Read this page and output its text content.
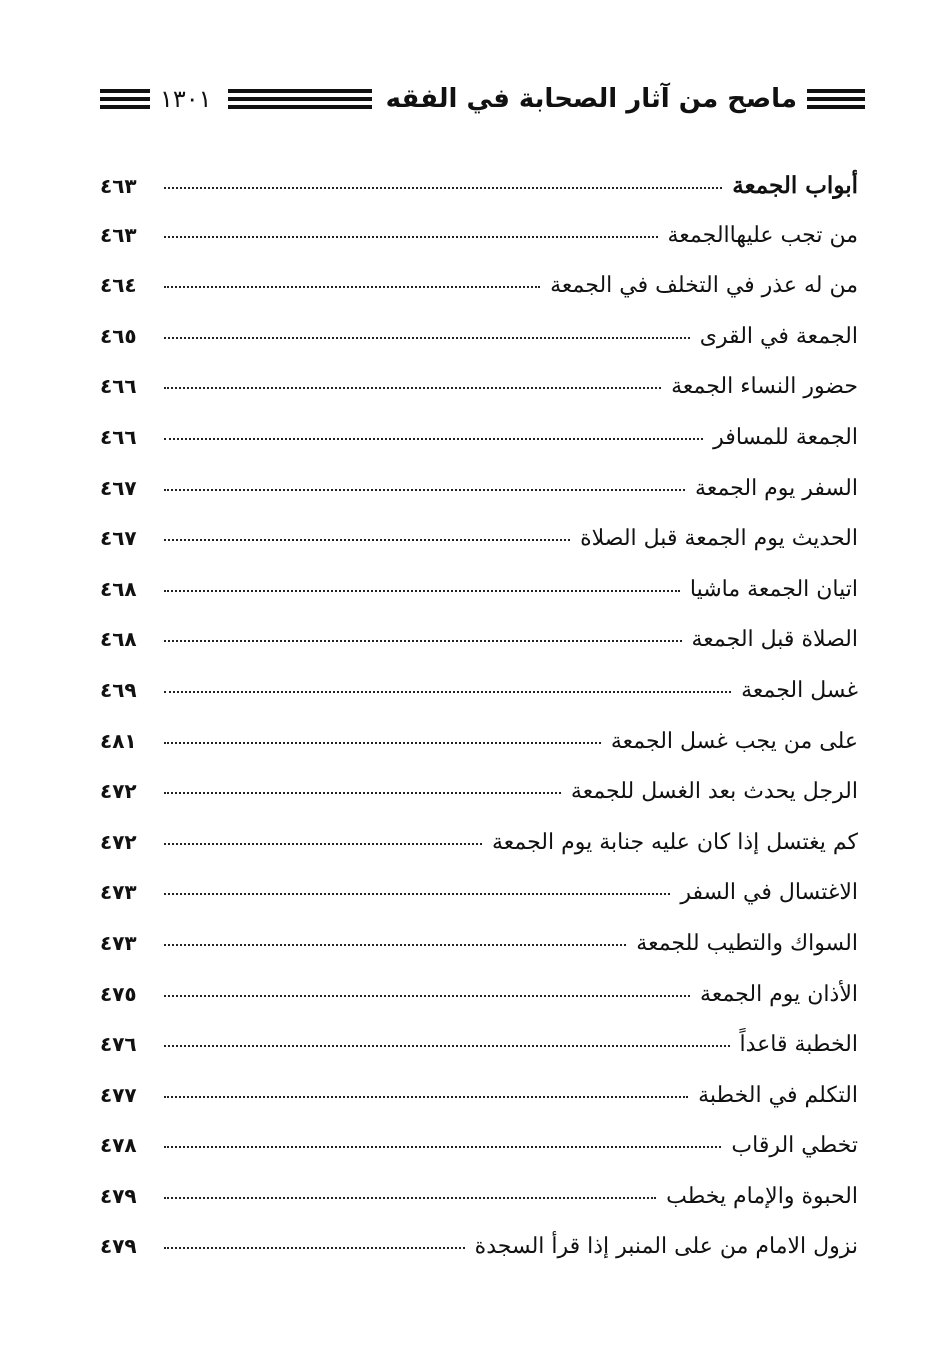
ماصح من آثار الصحابة في الفقه
١٣٠١
أبواب الجمعة
٤٦٣
من تجب عليهاالجمعة
٤٦٣
من له عذر في التخلف في الجمعة
٤٦٤
الجمعة في القرى
٤٦٥
حضور النساء الجمعة
٤٦٦
الجمعة للمسافر
٤٦٦
السفر يوم الجمعة
٤٦٧
الحديث يوم الجمعة قبل الصلاة
٤٦٧
اتيان الجمعة ماشيا
٤٦٨
الصلاة قبل الجمعة
٤٦٨
غسل الجمعة
٤٦٩
على من يجب غسل الجمعة
٤٨١
الرجل يحدث بعد الغسل للجمعة
٤٧٢
كم يغتسل إذا كان عليه جنابة يوم الجمعة
٤٧٢
الاغتسال في السفر
٤٧٣
السواك والتطيب للجمعة
٤٧٣
الأذان يوم الجمعة
٤٧٥
الخطبة قاعداً
٤٧٦
التكلم في الخطبة
٤٧٧
تخطي الرقاب
٤٧٨
الحبوة والإمام يخطب
٤٧٩
نزول الامام من على المنبر إذا قرأ السجدة
٤٧٩
